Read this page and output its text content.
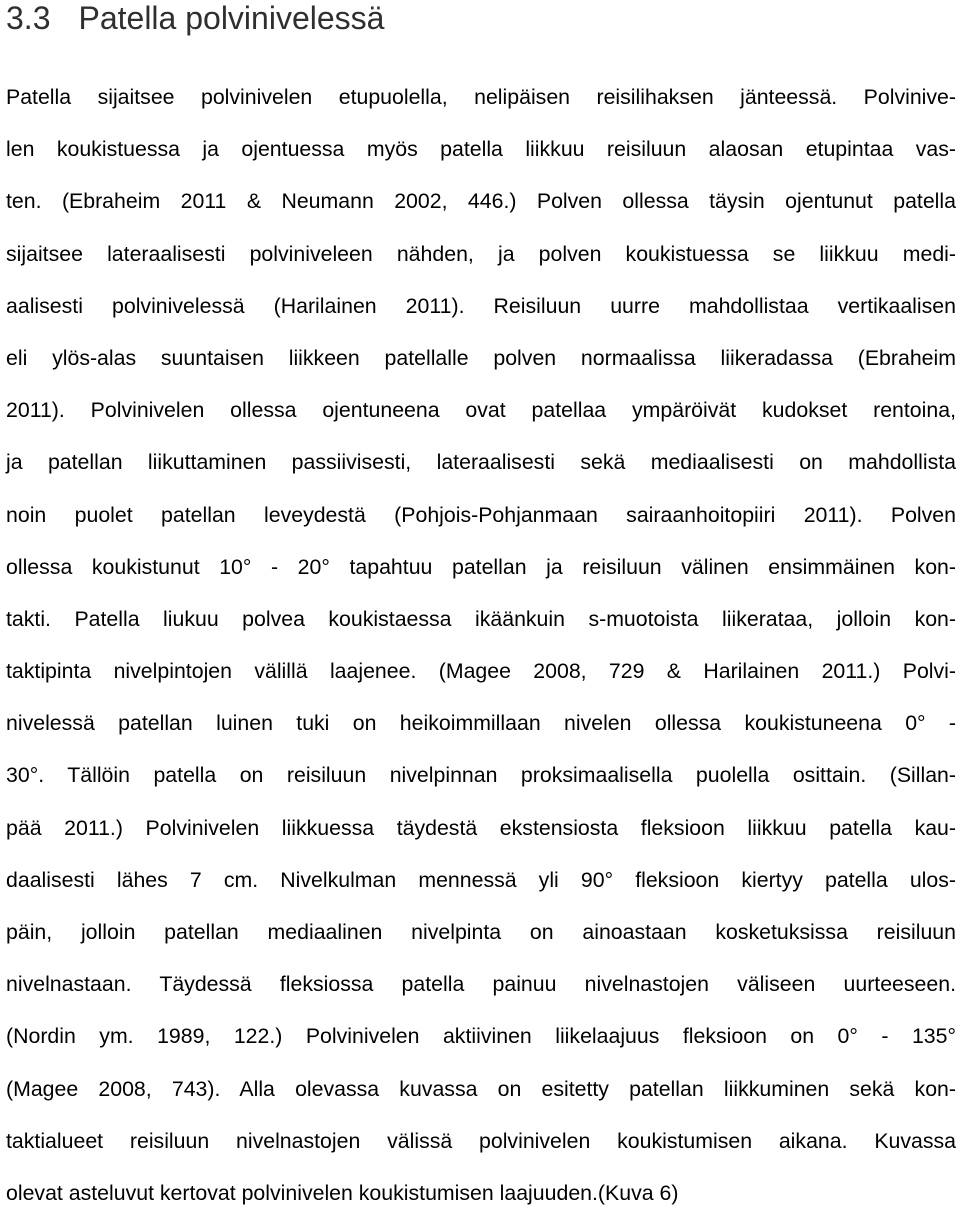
3.3 Patella polvinivelessä
Patella sijaitsee polvinivelen etupuolella, nelipäisen reisilihaksen jänteessä. Polvinive-
len koukistuessa ja ojentuessa myös patella liikkuu reisiluun alaosan etupintaa vas-
ten. (Ebraheim 2011 & Neumann 2002, 446.) Polven ollessa täysin ojentunut patella
sijaitsee lateraalisesti polviniveleen nähden, ja polven koukistuessa se liikkuu medi-
aalisesti polvinivelessä (Harilainen 2011). Reisiluun uurre mahdollistaa vertikaalisen
eli ylös-alas suuntaisen liikkeen patellalle polven normaalissa liikeradassa (Ebraheim
2011). Polvinivelen ollessa ojentuneena ovat patellaa ympäröivät kudokset rentoina,
ja patellan liikuttaminen passiivisesti, lateraalisesti sekä mediaalisesti on mahdollista
noin puolet patellan leveydestä (Pohjois-Pohjanmaan sairaanhoitopiiri 2011). Polven
ollessa koukistunut 10° - 20° tapahtuu patellan ja reisiluun välinen ensimmäinen kon-
takti. Patella liukuu polvea koukistaessa ikäänkuin s-muotoista liikerataa, jolloin kon-
taktipinta nivelpintojen välillä laajenee. (Magee 2008, 729 & Harilainen 2011.) Polvi-
nivelessä patellan luinen tuki on heikoimmillaan nivelen ollessa koukistuneena 0° -
30°. Tällöin patella on reisiluun nivelpinnan proksimaalisella puolella osittain. (Sillan-
pää 2011.) Polvinivelen liikkuessa täydestä ekstensiosta fleksioon liikkuu patella kau-
daalisesti lähes 7 cm. Nivelkulman mennessä yli 90° fleksioon kiertyy patella ulos-
päin, jolloin patellan mediaalinen nivelpinta on ainoastaan kosketuksissa reisiluun
nivelnastaan. Täydessä fleksiossa patella painuu nivelnastojen väliseen uurteeseen.
(Nordin ym. 1989, 122.) Polvinivelen aktiivinen liikelaajuus fleksioon on 0° - 135°
(Magee 2008, 743). Alla olevassa kuvassa on esitetty patellan liikkuminen sekä kon-
taktialueet reisiluun nivelnastojen välissä polvinivelen koukistumisen aikana. Kuvassa
olevat asteluvut kertovat polvinivelen koukistumisen laajuuden.(Kuva 6)
